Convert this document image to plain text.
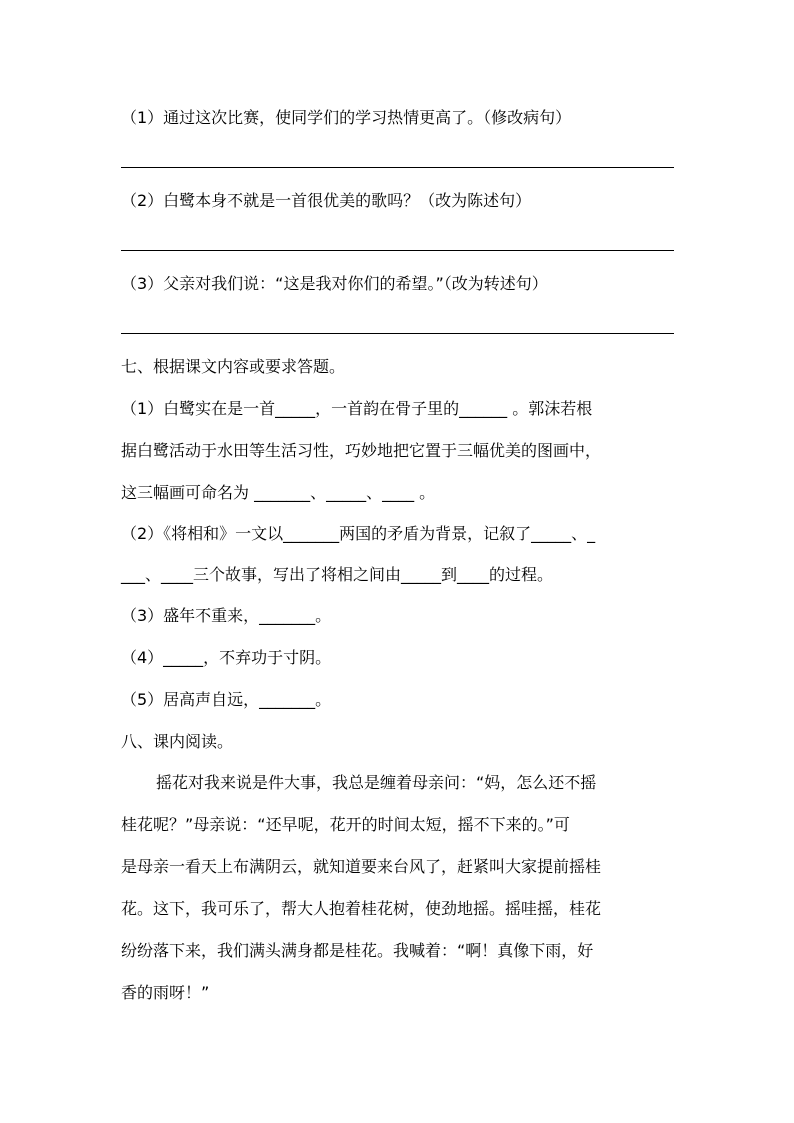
（1）通过这次比赛，使同学们的学习热情更高了。（修改病句）
（2）白鹭本身不就是一首很优美的歌吗？（改为陈述句）
（3）父亲对我们说：“这是我对你们的希望。”（改为转述句）
七、根据课文内容或要求答题。
（1）白鹭实在是一首_____，一首韵在骨子里的______ 。郭沫若根
据白鹭活动于水田等生活习性，巧妙地把它置于三幅优美的图画中，
这三幅画可命名为 _______、_____、____ 。
（2）《将相和》一文以_______两国的矛盾为背景，记叙了_____、_
___、____三个故事，写出了将相之间由_____到____的过程。
（3）盛年不重来，_______。
（4）_____，不弃功于寸阴。
（5）居高声自远，_______。
八、课内阅读。
摇花对我来说是件大事，我总是缠着母亲问：“妈，怎么还不摇
桂花呢？”母亲说：“还早呢，花开的时间太短，摇不下来的。”可
是母亲一看天上布满阴云，就知道要来台风了，赶紧叫大家提前摇桂
花。这下，我可乐了，帮大人抱着桂花树，使劲地摇。摇哇摇，桂花
纷纷落下来，我们满头满身都是桂花。我喊着：“啊！真像下雨，好
香的雨呀！”
